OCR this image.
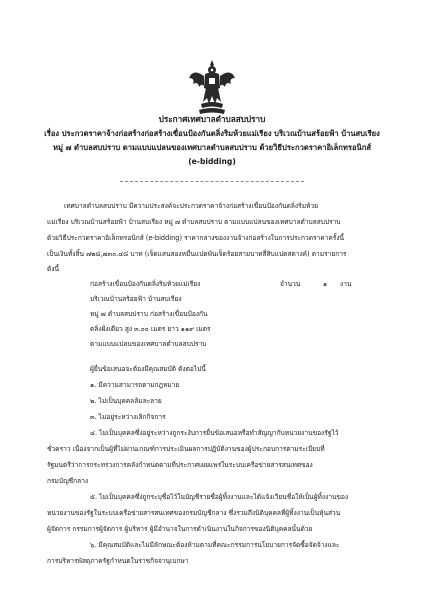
ประกาศเทศบาลตำบลสบปราบ
เรื่อง ประกวดราคาจ้างก่อสร้างก่อสร้างเขื่อนป้องกันตลิ่งริมห้วยแม่เรียง บริเวณบ้านสร้อยฟ้า บ้านสบเรียง
หมู่ ๗ ตำบลสบปราบ ตามแบบแปลนของเทศบาลตำบลสบปราบ ด้วยวิธีประกวดราคาอิเล็กทรอนิกส์
(e-bidding)
เทศบาลตำบลสบปราบ มีความประสงค์จะประกวดราคาจ้างก่อสร้างเขื่อนป้องกันตลิ่งริมห้วย
แม่เรียง บริเวณบ้านสร้อยฟ้า บ้านสบเรียง หมู่ ๗ ตำบลสบปราบ ตามแบบแปลนของเทศบาลตำบลสบปราบ
ด้วยวิธีประกวดราคาอิเล็กทรอนิกส์ (e-bidding) ราคากลางของงานจ้างก่อสร้างในการประกวดราคาครั้งนี้
เป็นเงินทั้งสิ้น ๗๒๘,๗๓๐.๔๘ บาท (เจ็ดแสนสองหมื่นแปดพันเจ็ดร้อยสามบาทสี่สิบแปดสตางค์) ตามรายการ
ดังนี้
ก่อสร้างเขื่อนป้องกันตลิ่งริมห้วยแม่เรียง
บริเวณบ้านสร้อยฟ้า บ้านสบเรียง
หมู่ ๗ ตำบลสบปราบ ก่อสร้างเขื่อนป้องกัน
ตลิ่งฝั่งเดียว สูง ๓.๐๐ เมตร ยาว ๑๑๙ เมตร
ตามแบบแปลนของเทศบาลตำบลสบปราบ
จำนวน	๑ งาน
ผู้ยื่นข้อเสนอจะต้องมีคุณสมบัติ ดังต่อไปนี้
๑. มีความสามารถตามกฎหมาย
๒. ไม่เป็นบุคคลล้มละลาย
๓. ไม่อยู่ระหว่างเลิกกิจการ
๔. ไม่เป็นบุคคลซึ่งอยู่ระหว่างถูกระงับการยื่นข้อเสนอหรือทำสัญญากับหน่วยงานของรัฐไว้
ชั่วคราว เนื่องจากเป็นผู้ที่ไม่ผ่านเกณฑ์การประเมินผลการปฏิบัติงานของผู้ประกอบการตามระเบียบที่
รัฐมนตรีว่าการกระทรวงการคลังกำหนดตามที่ประกาศเผยแพร่ในระบบเครือข่ายสารสนเทศของ
กรมบัญชีกลาง
๕. ไม่เป็นบุคคลซึ่งถูกระบุชื่อไว้ในบัญชีรายชื่อผู้ทิ้งงานและได้แจ้งเวียนชื่อให้เป็นผู้ทิ้งงานของ
หน่วยงานของรัฐในระบบเครือข่ายสารสนเทศของกรมบัญชีกลาง ซึ่งรวมถึงนิติบุคคลที่ผู้ทิ้งงานเป็นหุ้นส่วน
ผู้จัดการ กรรมการผู้จัดการ ผู้บริหาร ผู้มีอำนาจในการดำเนินงานในกิจการของนิติบุคคลนั้นด้วย
๖. มีคุณสมบัติและไม่มีลักษณะต้องห้ามตามที่คณะกรรมการนโยบายการจัดซื้อจัดจ้างและ
การบริหารพัสดุภาครัฐกำหนดในราชกิจจานุเบกษา
